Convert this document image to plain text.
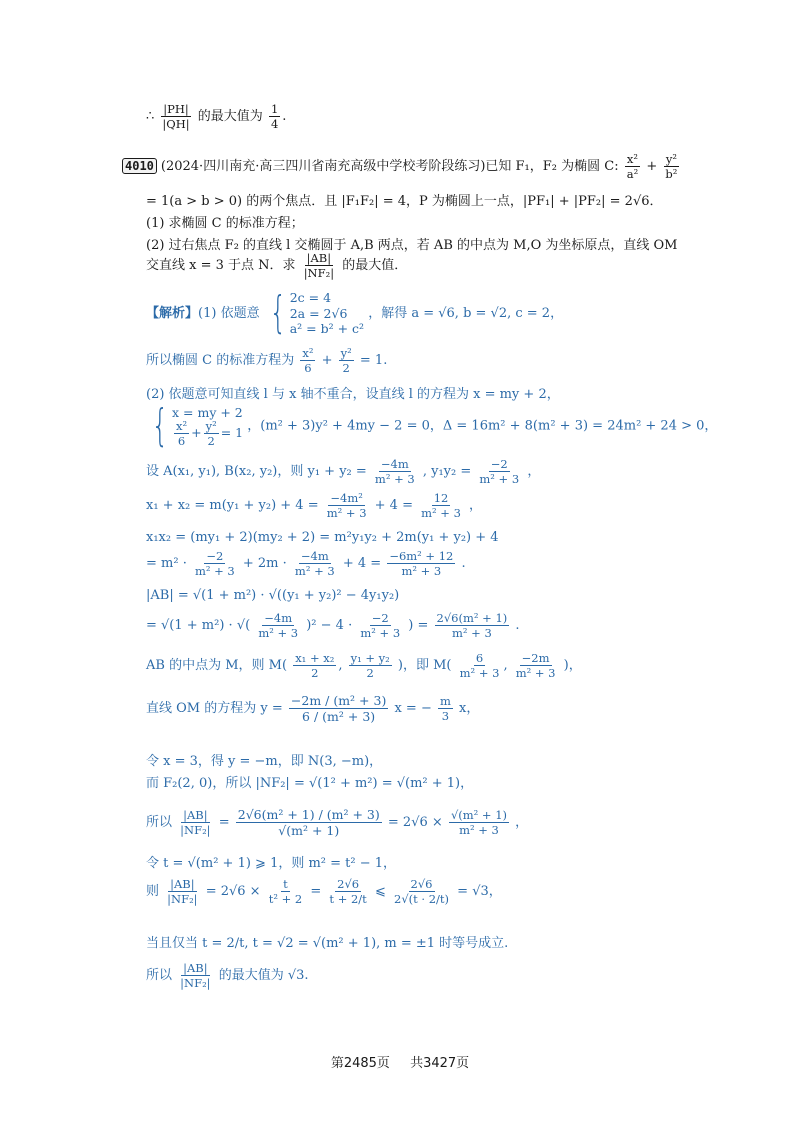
∴ $\frac{|PH|}{|QH|}$ 的最大值为 $\frac{1}{4}$ .
4010 (2024·四川南充·高三四川省南充高级中学校考阶段练习)已知 F₁，F₂ 为椭圆 C: $\frac{\text{x²}}{\text{a²}} + \frac{\text{y²}}{\text{b²}}$
= 1(a > b > 0) 的两个焦点．且 |F₁F₂| = 4，P 为椭圆上一点，|PF₁| + |PF₂| = 2√6．
(1) 求椭圆 C 的标准方程；
(2) 过右焦点 F₂ 的直线 l 交椭圆于 A,B 两点，若 AB 的中点为 M,O 为坐标原点，直线 OM
交直线 x = 3 于点 N．求 $\frac{|AB|}{\text{|NF₂|}}$ 的最大值．
【解析】(1) 依题意 { 2c = 4
2a = 2√6
a² = b² + c²
，解得 a = √6, b = √2, c = 2，
所以椭圆 C 的标准方程为 $\frac{\text{x²}}{6} + \frac{\text{y²}}{2} = 1$.
(2) 依题意可知直线 l 与 x 轴不重合，设直线 l 的方程为 x = my + 2，
{ x = my + 2
$\frac{\text{x²}}{6} + \frac{\text{y²}}{2} = 1$ ，(m² + 3)y² + 4my − 2 = 0，Δ = 16m² + 8(m² + 3) = 24m² + 24 > 0，
设 A(x₁, y₁), B(x₂, y₂)，则 $y_1 + y_2 = \frac{-4m}{\text{m² + 3}}$ , $y_1y_2 = \frac{-2}{\text{m² + 3}}$ ，
$x_1 + x_2 = m(y_1 + y_2) + 4 = \frac{\text{−4m²}}{\text{m² + 3}} + 4 = \frac{12}{\text{m² + 3}}$ ，
x₁x₂ = (my₁ + 2)(my₂ + 2) = m²y₁y₂ + 2m(y₁ + y₂) + 4
= $m^2 \cdot \frac{-2}{\text{m² + 3}} + 2m \cdot \frac{-4m}{\text{m² + 3}} + 4 = \frac{\text{−6m² + 12}}{\text{m² + 3}}$ .
|AB| = √(1 + m²) · √((y₁ + y₂)² − 4y₁y₂)
= √(1 + m²) · √( $\frac{-4m}{\text{m² + 3}} )^2 - 4 \cdot \frac{-2}{\text{m² + 3}}$ ) = $\frac{\text{2√6(m² + 1)}}{\text{m² + 3}}$ .
AB 的中点为 M，则 $M( \frac{\text{x₁ + x₂}}{2}$ , $\frac{\text{y₁ + y₂}}{2}$ )，即 $M( \frac{6}{\text{m² + 3}}$ , $\frac{-2m}{\text{m² + 3}}$ )，
直线 OM 的方程为 $y = \frac{\text{−2m / (m² + 3)}}{\text{6 / (m² + 3)}}$ x = − $\frac{m}{3}$ x，
令 x = 3，得 y = −m，即 N(3, −m)，
而 F₂(2, 0)，所以 |NF₂| = √(1² + m²) = √(m² + 1)，
所以 $\frac{|AB|}{\text{|NF₂|}} = \frac{\text{2√6(m² + 1) / (m² + 3)}}{\text{√(m² + 1)}} = 2√6 \times \frac{\text{√(m² + 1)}}{\text{m² + 3}}$ ，
令 t = √(m² + 1) ⩾ 1，则 m² = t² − 1，
则 $\frac{|AB|}{\text{|NF₂|}} = 2√6 \times \frac{t}{\text{t² + 2}} = \frac{2√6}{t + 2/t}$ ⩽ $\frac{2√6}{2√(t \cdot 2/t)} = √3$，
当且仅当 t = 2/t, t = √2 = √(m² + 1), m = ±1 时等号成立.
所以 $\frac{|AB|}{\text{|NF₂|}}$ 的最大值为 √3.
第2485页 共3427页
